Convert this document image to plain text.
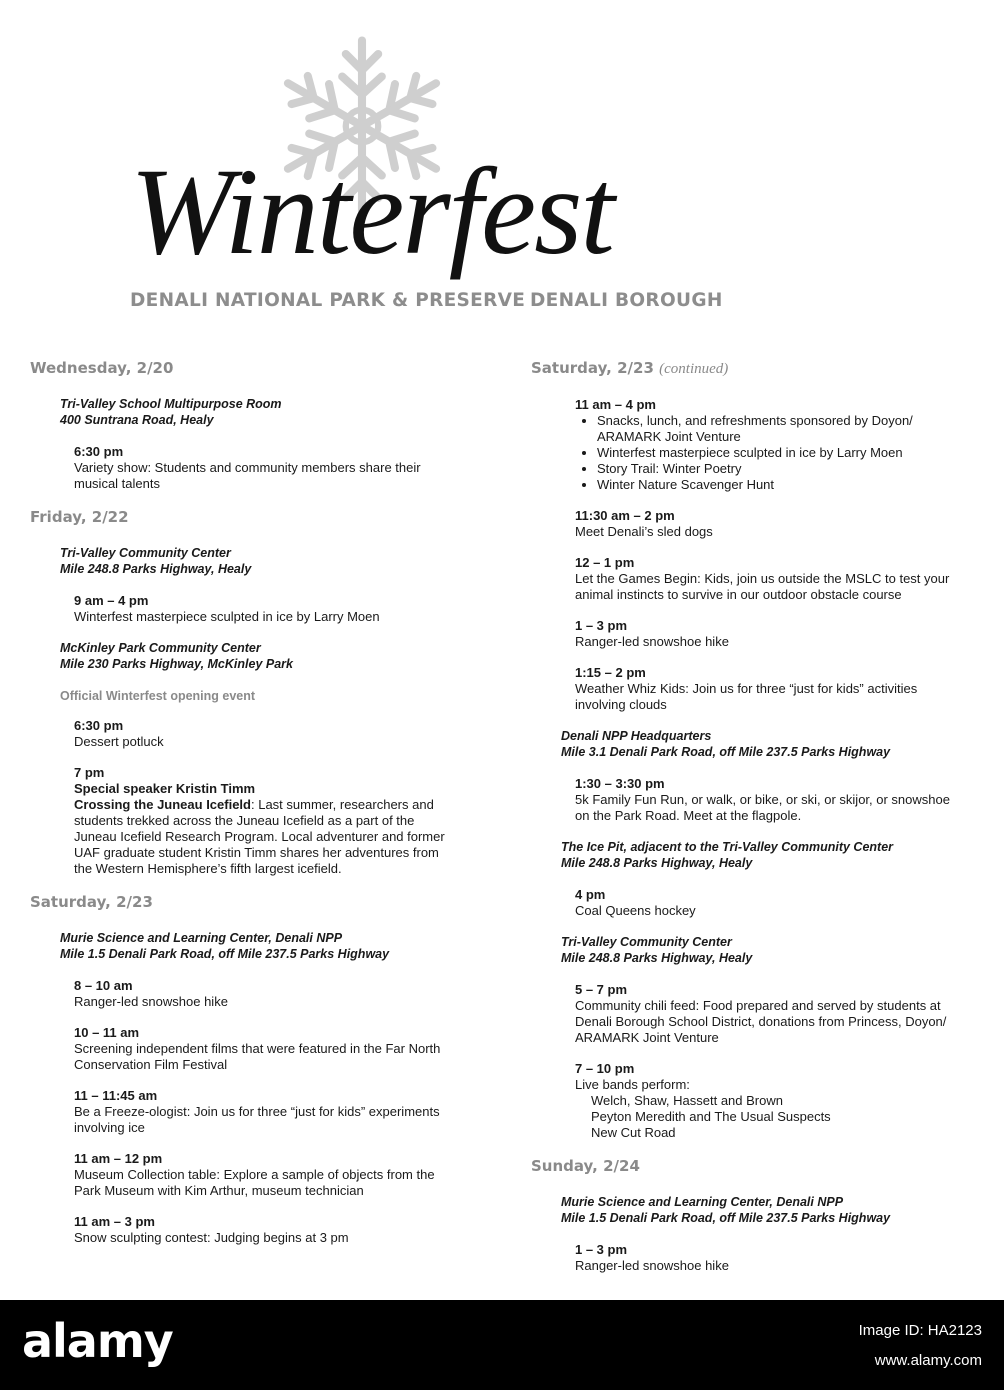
Winterfest
DENALI NATIONAL PARK & PRESERVE DENALI BOROUGH
Wednesday, 2/20
Tri-Valley School Multipurpose Room
400 Suntrana Road, Healy
6:30 pm
Variety show: Students and community members share their
musical talents
Friday, 2/22
Tri-Valley Community Center
Mile 248.8 Parks Highway, Healy
9 am – 4 pm
Winterfest masterpiece sculpted in ice by Larry Moen
McKinley Park Community Center
Mile 230 Parks Highway, McKinley Park
Official Winterfest opening event
6:30 pm
Dessert potluck
7 pm
Special speaker Kristin Timm
Crossing the Juneau Icefield: Last summer, researchers and
students trekked across the Juneau Icefield as a part of the
Juneau Icefield Research Program. Local adventurer and former
UAF graduate student Kristin Timm shares her adventures from
the Western Hemisphere’s fifth largest icefield.
Saturday, 2/23
Murie Science and Learning Center, Denali NPP
Mile 1.5 Denali Park Road, off Mile 237.5 Parks Highway
8 – 10 am
Ranger-led snowshoe hike
10 – 11 am
Screening independent films that were featured in the Far North
Conservation Film Festival
11 – 11:45 am
Be a Freeze-ologist: Join us for three “just for kids” experiments
involving ice
11 am – 12 pm
Museum Collection table: Explore a sample of objects from the
Park Museum with Kim Arthur, museum technician
11 am – 3 pm
Snow sculpting contest: Judging begins at 3 pm
Saturday, 2/23 (continued)
11 am – 4 pm
• Snacks, lunch, and refreshments sponsored by Doyon/
ARAMARK Joint Venture
• Winterfest masterpiece sculpted in ice by Larry Moen
• Story Trail: Winter Poetry
• Winter Nature Scavenger Hunt
11:30 am – 2 pm
Meet Denali’s sled dogs
12 – 1 pm
Let the Games Begin: Kids, join us outside the MSLC to test your
animal instincts to survive in our outdoor obstacle course
1 – 3 pm
Ranger-led snowshoe hike
1:15 – 2 pm
Weather Whiz Kids: Join us for three “just for kids” activities
involving clouds
Denali NPP Headquarters
Mile 3.1 Denali Park Road, off Mile 237.5 Parks Highway
1:30 – 3:30 pm
5k Family Fun Run, or walk, or bike, or ski, or skijor, or snowshoe
on the Park Road. Meet at the flagpole.
The Ice Pit, adjacent to the Tri-Valley Community Center
Mile 248.8 Parks Highway, Healy
4 pm
Coal Queens hockey
Tri-Valley Community Center
Mile 248.8 Parks Highway, Healy
5 – 7 pm
Community chili feed: Food prepared and served by students at
Denali Borough School District, donations from Princess, Doyon/
ARAMARK Joint Venture
7 – 10 pm
Live bands perform:
Welch, Shaw, Hassett and Brown
Peyton Meredith and The Usual Suspects
New Cut Road
Sunday, 2/24
Murie Science and Learning Center, Denali NPP
Mile 1.5 Denali Park Road, off Mile 237.5 Parks Highway
1 – 3 pm
Ranger-led snowshoe hike
alamy	Image ID: HA2123
www.alamy.com
